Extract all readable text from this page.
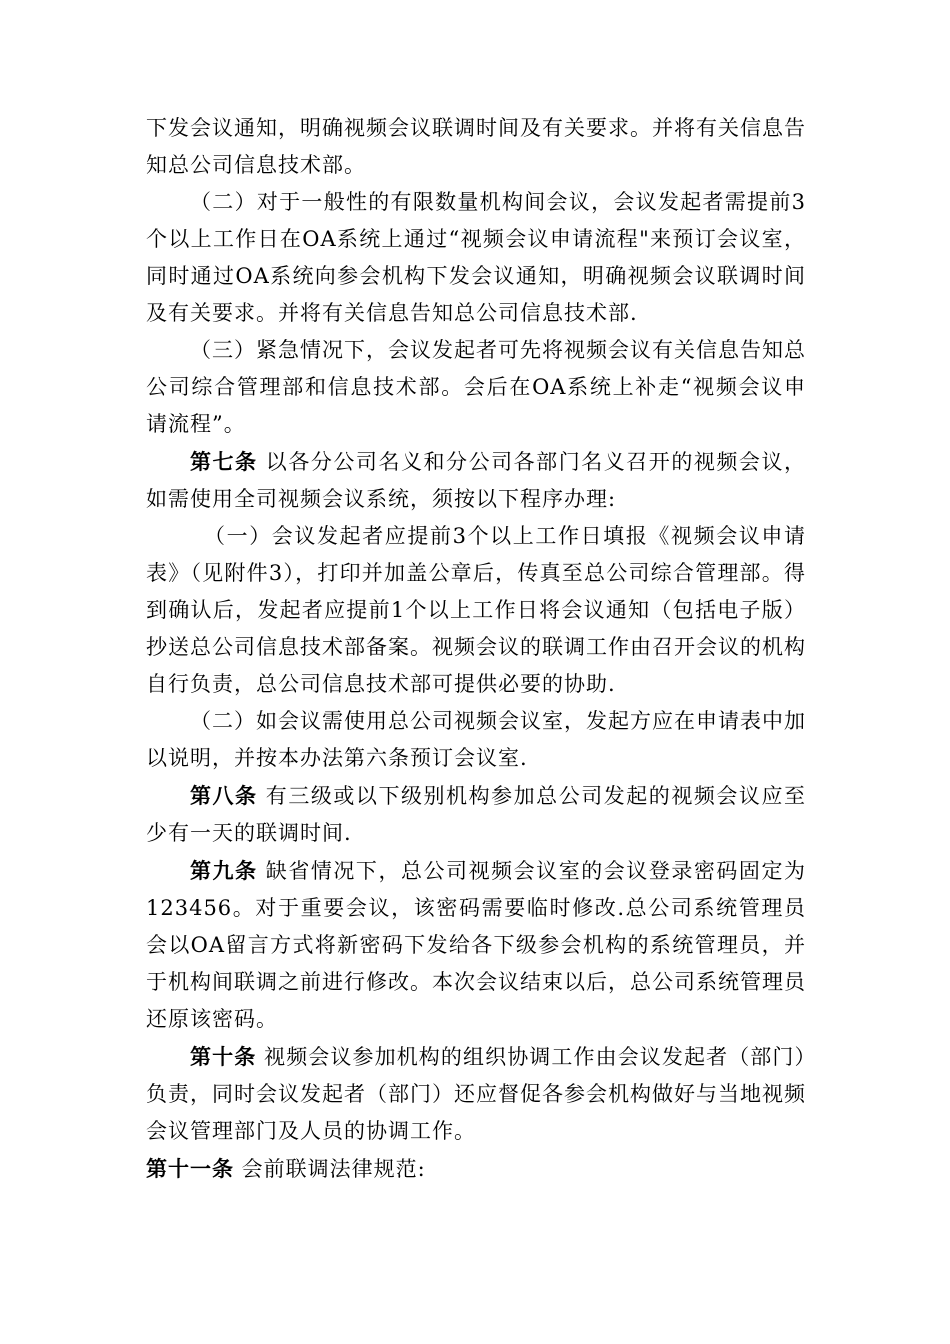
下发会议通知，明确视频会议联调时间及有关要求。并将有关信息告知总公司信息技术部。

（二）对于一般性的有限数量机构间会议，会议发起者需提前3个以上工作日在OA系统上通过“视频会议申请流程"来预订会议室，同时通过OA系统向参会机构下发会议通知，明确视频会议联调时间及有关要求。并将有关信息告知总公司信息技术部.

（三）紧急情况下，会议发起者可先将视频会议有关信息告知总公司综合管理部和信息技术部。会后在OA系统上补走“视频会议申请流程”。

第七条 以各分公司名义和分公司各部门名义召开的视频会议，如需使用全司视频会议系统，须按以下程序办理:

（一）会议发起者应提前3个以上工作日填报《视频会议申请表》（见附件3），打印并加盖公章后，传真至总公司综合管理部。得到确认后，发起者应提前1个以上工作日将会议通知（包括电子版）抄送总公司信息技术部备案。视频会议的联调工作由召开会议的机构自行负责，总公司信息技术部可提供必要的协助.

（二）如会议需使用总公司视频会议室，发起方应在申请表中加以说明，并按本办法第六条预订会议室.

第八条 有三级或以下级别机构参加总公司发起的视频会议应至少有一天的联调时间.

第九条 缺省情况下，总公司视频会议室的会议登录密码固定为123456。对于重要会议，该密码需要临时修改.总公司系统管理员会以OA留言方式将新密码下发给各下级参会机构的系统管理员，并于机构间联调之前进行修改。本次会议结束以后，总公司系统管理员还原该密码。

第十条 视频会议参加机构的组织协调工作由会议发起者（部门）负责，同时会议发起者（部门）还应督促各参会机构做好与当地视频会议管理部门及人员的协调工作。

第十一条 会前联调法律规范:
